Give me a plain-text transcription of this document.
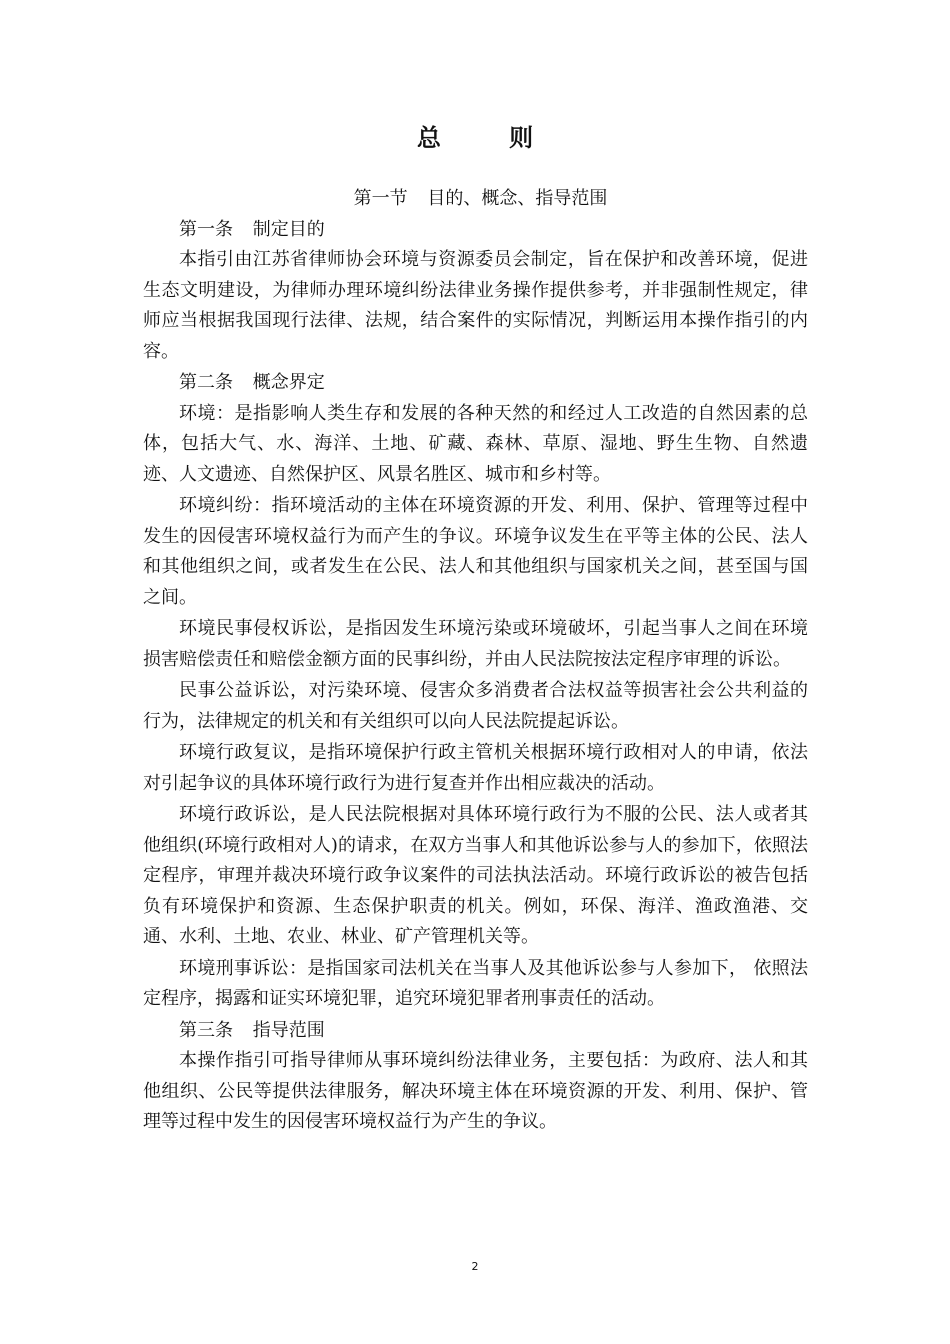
总 则

第一节 目的、概念、指导范围

第一条 制定目的

本指引由江苏省律师协会环境与资源委员会制定，旨在保护和改善环境，促进生态文明建设，为律师办理环境纠纷法律业务操作提供参考，并非强制性规定，律师应当根据我国现行法律、法规，结合案件的实际情况，判断运用本操作指引的内容。

第二条 概念界定

环境：是指影响人类生存和发展的各种天然的和经过人工改造的自然因素的总体，包括大气、水、海洋、土地、矿藏、森林、草原、湿地、野生生物、自然遗迹、人文遗迹、自然保护区、风景名胜区、城市和乡村等。

环境纠纷：指环境活动的主体在环境资源的开发、利用、保护、管理等过程中发生的因侵害环境权益行为而产生的争议。环境争议发生在平等主体的公民、法人和其他组织之间，或者发生在公民、法人和其他组织与国家机关之间，甚至国与国之间。

环境民事侵权诉讼，是指因发生环境污染或环境破坏，引起当事人之间在环境损害赔偿责任和赔偿金额方面的民事纠纷，并由人民法院按法定程序审理的诉讼。

民事公益诉讼，对污染环境、侵害众多消费者合法权益等损害社会公共利益的行为，法律规定的机关和有关组织可以向人民法院提起诉讼。

环境行政复议，是指环境保护行政主管机关根据环境行政相对人的申请，依法对引起争议的具体环境行政行为进行复查并作出相应裁决的活动。

环境行政诉讼，是人民法院根据对具体环境行政行为不服的公民、法人或者其他组织(环境行政相对人)的请求，在双方当事人和其他诉讼参与人的参加下，依照法定程序，审理并裁决环境行政争议案件的司法执法活动。环境行政诉讼的被告包括负有环境保护和资源、生态保护职责的机关。例如，环保、海洋、渔政渔港、交通、水利、土地、农业、林业、矿产管理机关等。

环境刑事诉讼：是指国家司法机关在当事人及其他诉讼参与人参加下， 依照法定程序，揭露和证实环境犯罪，追究环境犯罪者刑事责任的活动。

第三条 指导范围

本操作指引可指导律师从事环境纠纷法律业务，主要包括：为政府、法人和其他组织、公民等提供法律服务，解决环境主体在环境资源的开发、利用、保护、管理等过程中发生的因侵害环境权益行为产生的争议。

2
